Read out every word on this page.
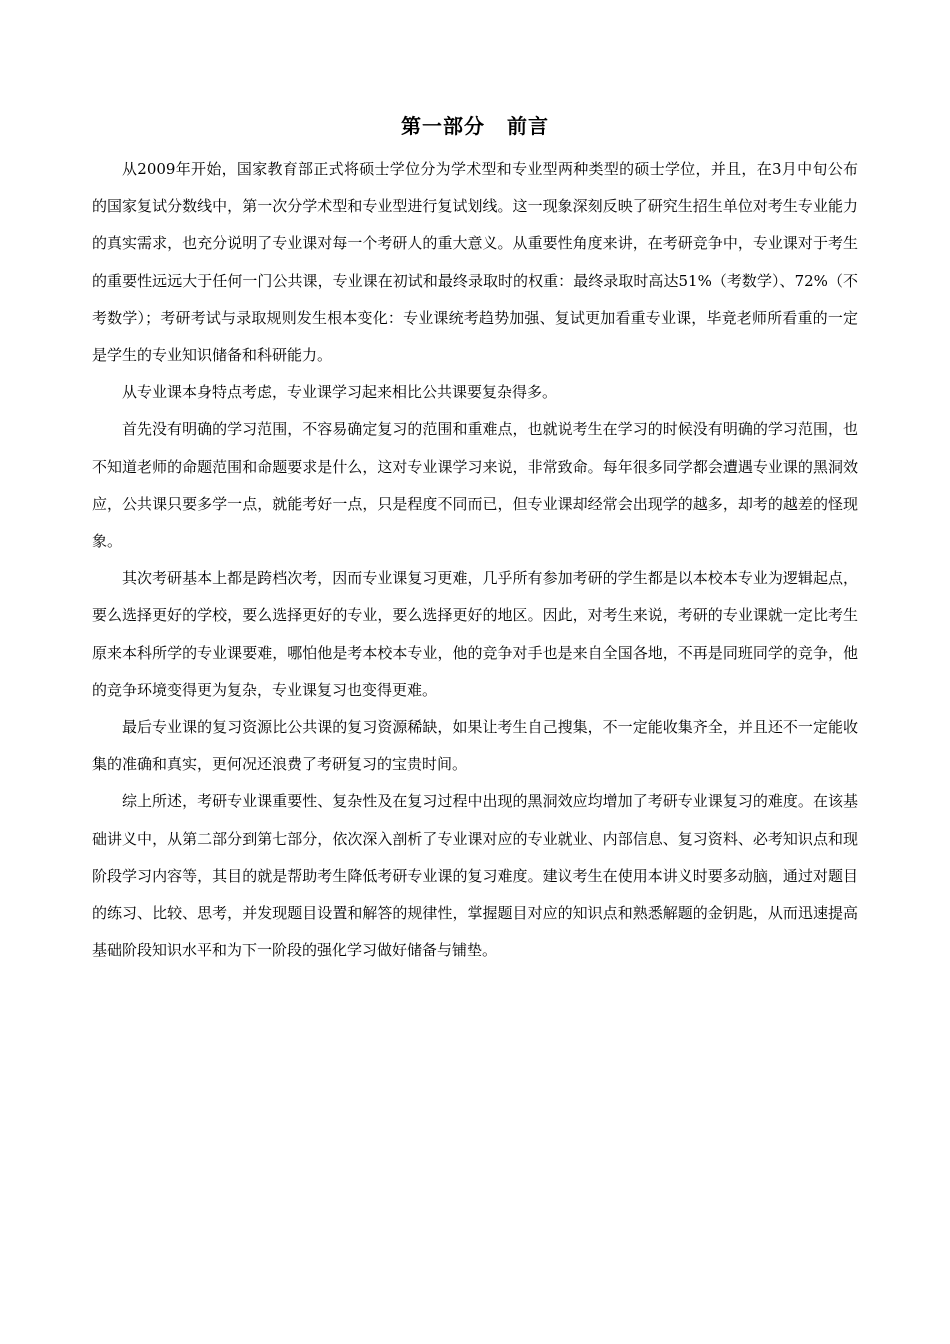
第一部分 前言

从2009年开始，国家教育部正式将硕士学位分为学术型和专业型两种类型的硕士学位，并且，在3月中旬公布的国家复试分数线中，第一次分学术型和专业型进行复试划线。这一现象深刻反映了研究生招生单位对考生专业能力的真实需求，也充分说明了专业课对每一个考研人的重大意义。从重要性角度来讲，在考研竞争中，专业课对于考生的重要性远远大于任何一门公共课，专业课在初试和最终录取时的权重：最终录取时高达51%（考数学）、72%（不考数学）；考研考试与录取规则发生根本变化：专业课统考趋势加强、复试更加看重专业课，毕竟老师所看重的一定是学生的专业知识储备和科研能力。

从专业课本身特点考虑，专业课学习起来相比公共课要复杂得多。

首先没有明确的学习范围，不容易确定复习的范围和重难点，也就说考生在学习的时候没有明确的学习范围，也不知道老师的命题范围和命题要求是什么，这对专业课学习来说，非常致命。每年很多同学都会遭遇专业课的黑洞效应，公共课只要多学一点，就能考好一点，只是程度不同而已，但专业课却经常会出现学的越多，却考的越差的怪现象。

其次考研基本上都是跨档次考，因而专业课复习更难，几乎所有参加考研的学生都是以本校本专业为逻辑起点，要么选择更好的学校，要么选择更好的专业，要么选择更好的地区。因此，对考生来说，考研的专业课就一定比考生原来本科所学的专业课要难，哪怕他是考本校本专业，他的竞争对手也是来自全国各地，不再是同班同学的竞争，他的竞争环境变得更为复杂，专业课复习也变得更难。

最后专业课的复习资源比公共课的复习资源稀缺，如果让考生自己搜集，不一定能收集齐全，并且还不一定能收集的准确和真实，更何况还浪费了考研复习的宝贵时间。

综上所述，考研专业课重要性、复杂性及在复习过程中出现的黑洞效应均增加了考研专业课复习的难度。在该基础讲义中，从第二部分到第七部分，依次深入剖析了专业课对应的专业就业、内部信息、复习资料、必考知识点和现阶段学习内容等，其目的就是帮助考生降低考研专业课的复习难度。建议考生在使用本讲义时要多动脑，通过对题目的练习、比较、思考，并发现题目设置和解答的规律性，掌握题目对应的知识点和熟悉解题的金钥匙，从而迅速提高基础阶段知识水平和为下一阶段的强化学习做好储备与铺垫。
